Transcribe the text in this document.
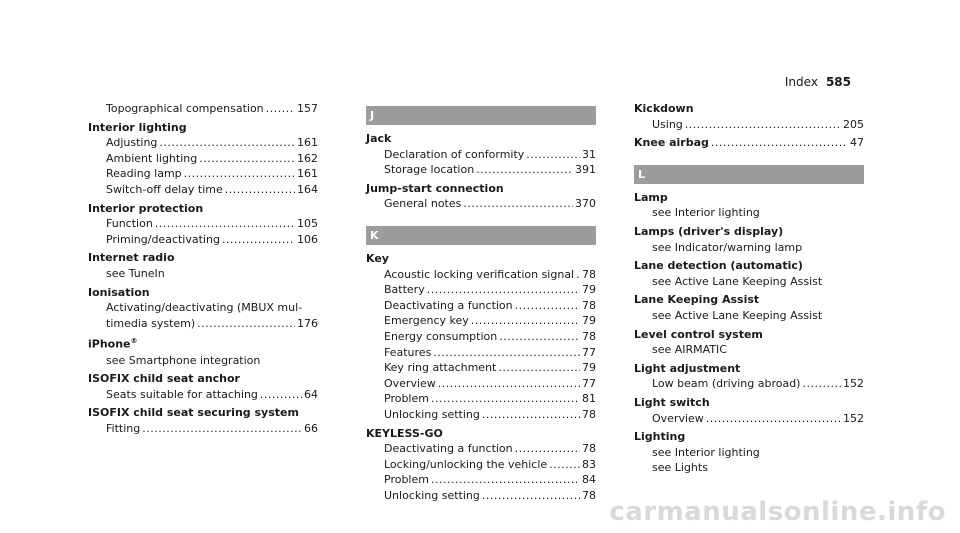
Index 585
Topographical compensation .....	157
Interior lighting
Adjusting .....	161
Ambient lighting .....	162
Reading lamp .....	161
Switch-off delay time .....	164
Interior protection
Function .....	105
Priming/deactivating .....	106
Internet radio
see TuneIn
Ionisation
Activating/deactivating (MBUX mul-
timedia system) .....	176
iPhone®
see Smartphone integration
ISOFIX child seat anchor
Seats suitable for attaching .....	64
ISOFIX child seat securing system
Fitting .....	66
J
Jack
Declaration of conformity .....	31
Storage location .....	391
Jump-start connection
General notes .....	370
K
Key
Acoustic locking verification signal ..... 78
Battery .....	79
Deactivating a function .....	78
Emergency key .....	79
Energy consumption .....	78
Features .....	77
Key ring attachment .....	79
Overview .....	77
Problem .....	81
Unlocking setting .....	78
KEYLESS-GO
Deactivating a function .....	78
Locking/unlocking the vehicle .....	83
Problem .....	84
Unlocking setting .....	78
Kickdown
Using .....	205
Knee airbag .....	47
L
Lamp
see Interior lighting
Lamps (driver's display)
see Indicator/warning lamp
Lane detection (automatic)
see Active Lane Keeping Assist
Lane Keeping Assist
see Active Lane Keeping Assist
Level control system
see AIRMATIC
Light adjustment
Low beam (driving abroad) .....	152
Light switch
Overview .....	152
Lighting
see Interior lighting
see Lights
carmanualsonline.info
